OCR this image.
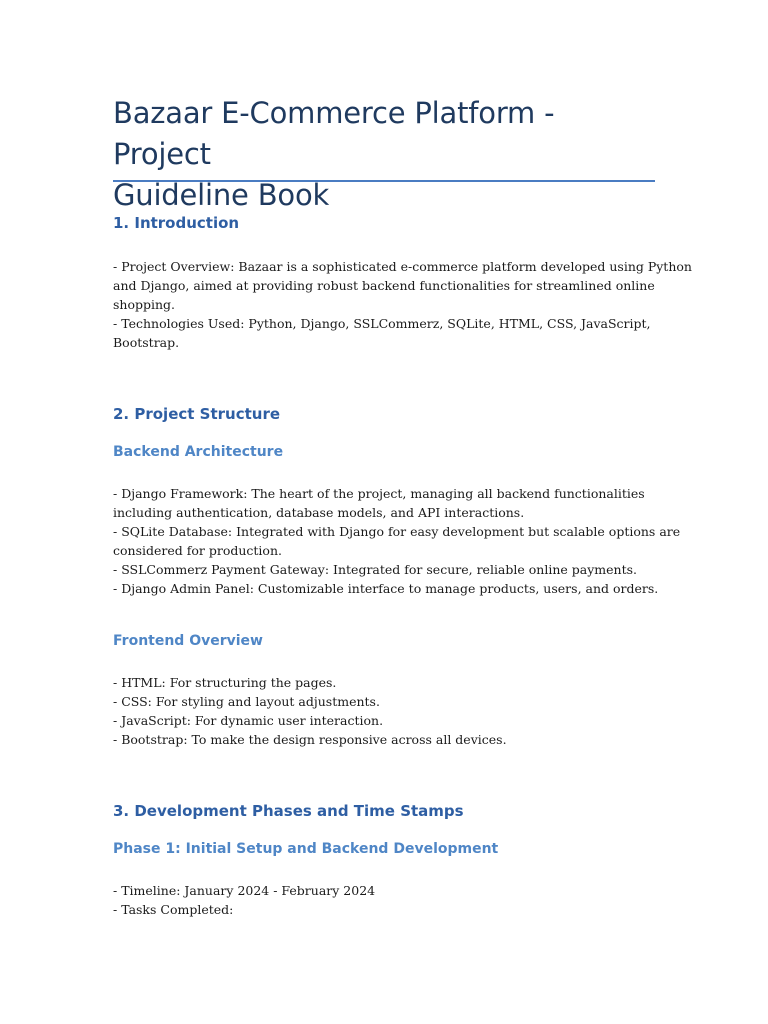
Bazaar E-Commerce Platform - Project
Guideline Book
1. Introduction
- Project Overview: Bazaar is a sophisticated e-commerce platform developed using Python
and Django, aimed at providing robust backend functionalities for streamlined online
shopping.
- Technologies Used: Python, Django, SSLCommerz, SQLite, HTML, CSS, JavaScript,
Bootstrap.
2. Project Structure
Backend Architecture
- Django Framework: The heart of the project, managing all backend functionalities
including authentication, database models, and API interactions.
- SQLite Database: Integrated with Django for easy development but scalable options are
considered for production.
- SSLCommerz Payment Gateway: Integrated for secure, reliable online payments.
- Django Admin Panel: Customizable interface to manage products, users, and orders.
Frontend Overview
- HTML: For structuring the pages.
- CSS: For styling and layout adjustments.
- JavaScript: For dynamic user interaction.
- Bootstrap: To make the design responsive across all devices.
3. Development Phases and Time Stamps
Phase 1: Initial Setup and Backend Development
- Timeline: January 2024 - February 2024
- Tasks Completed:
